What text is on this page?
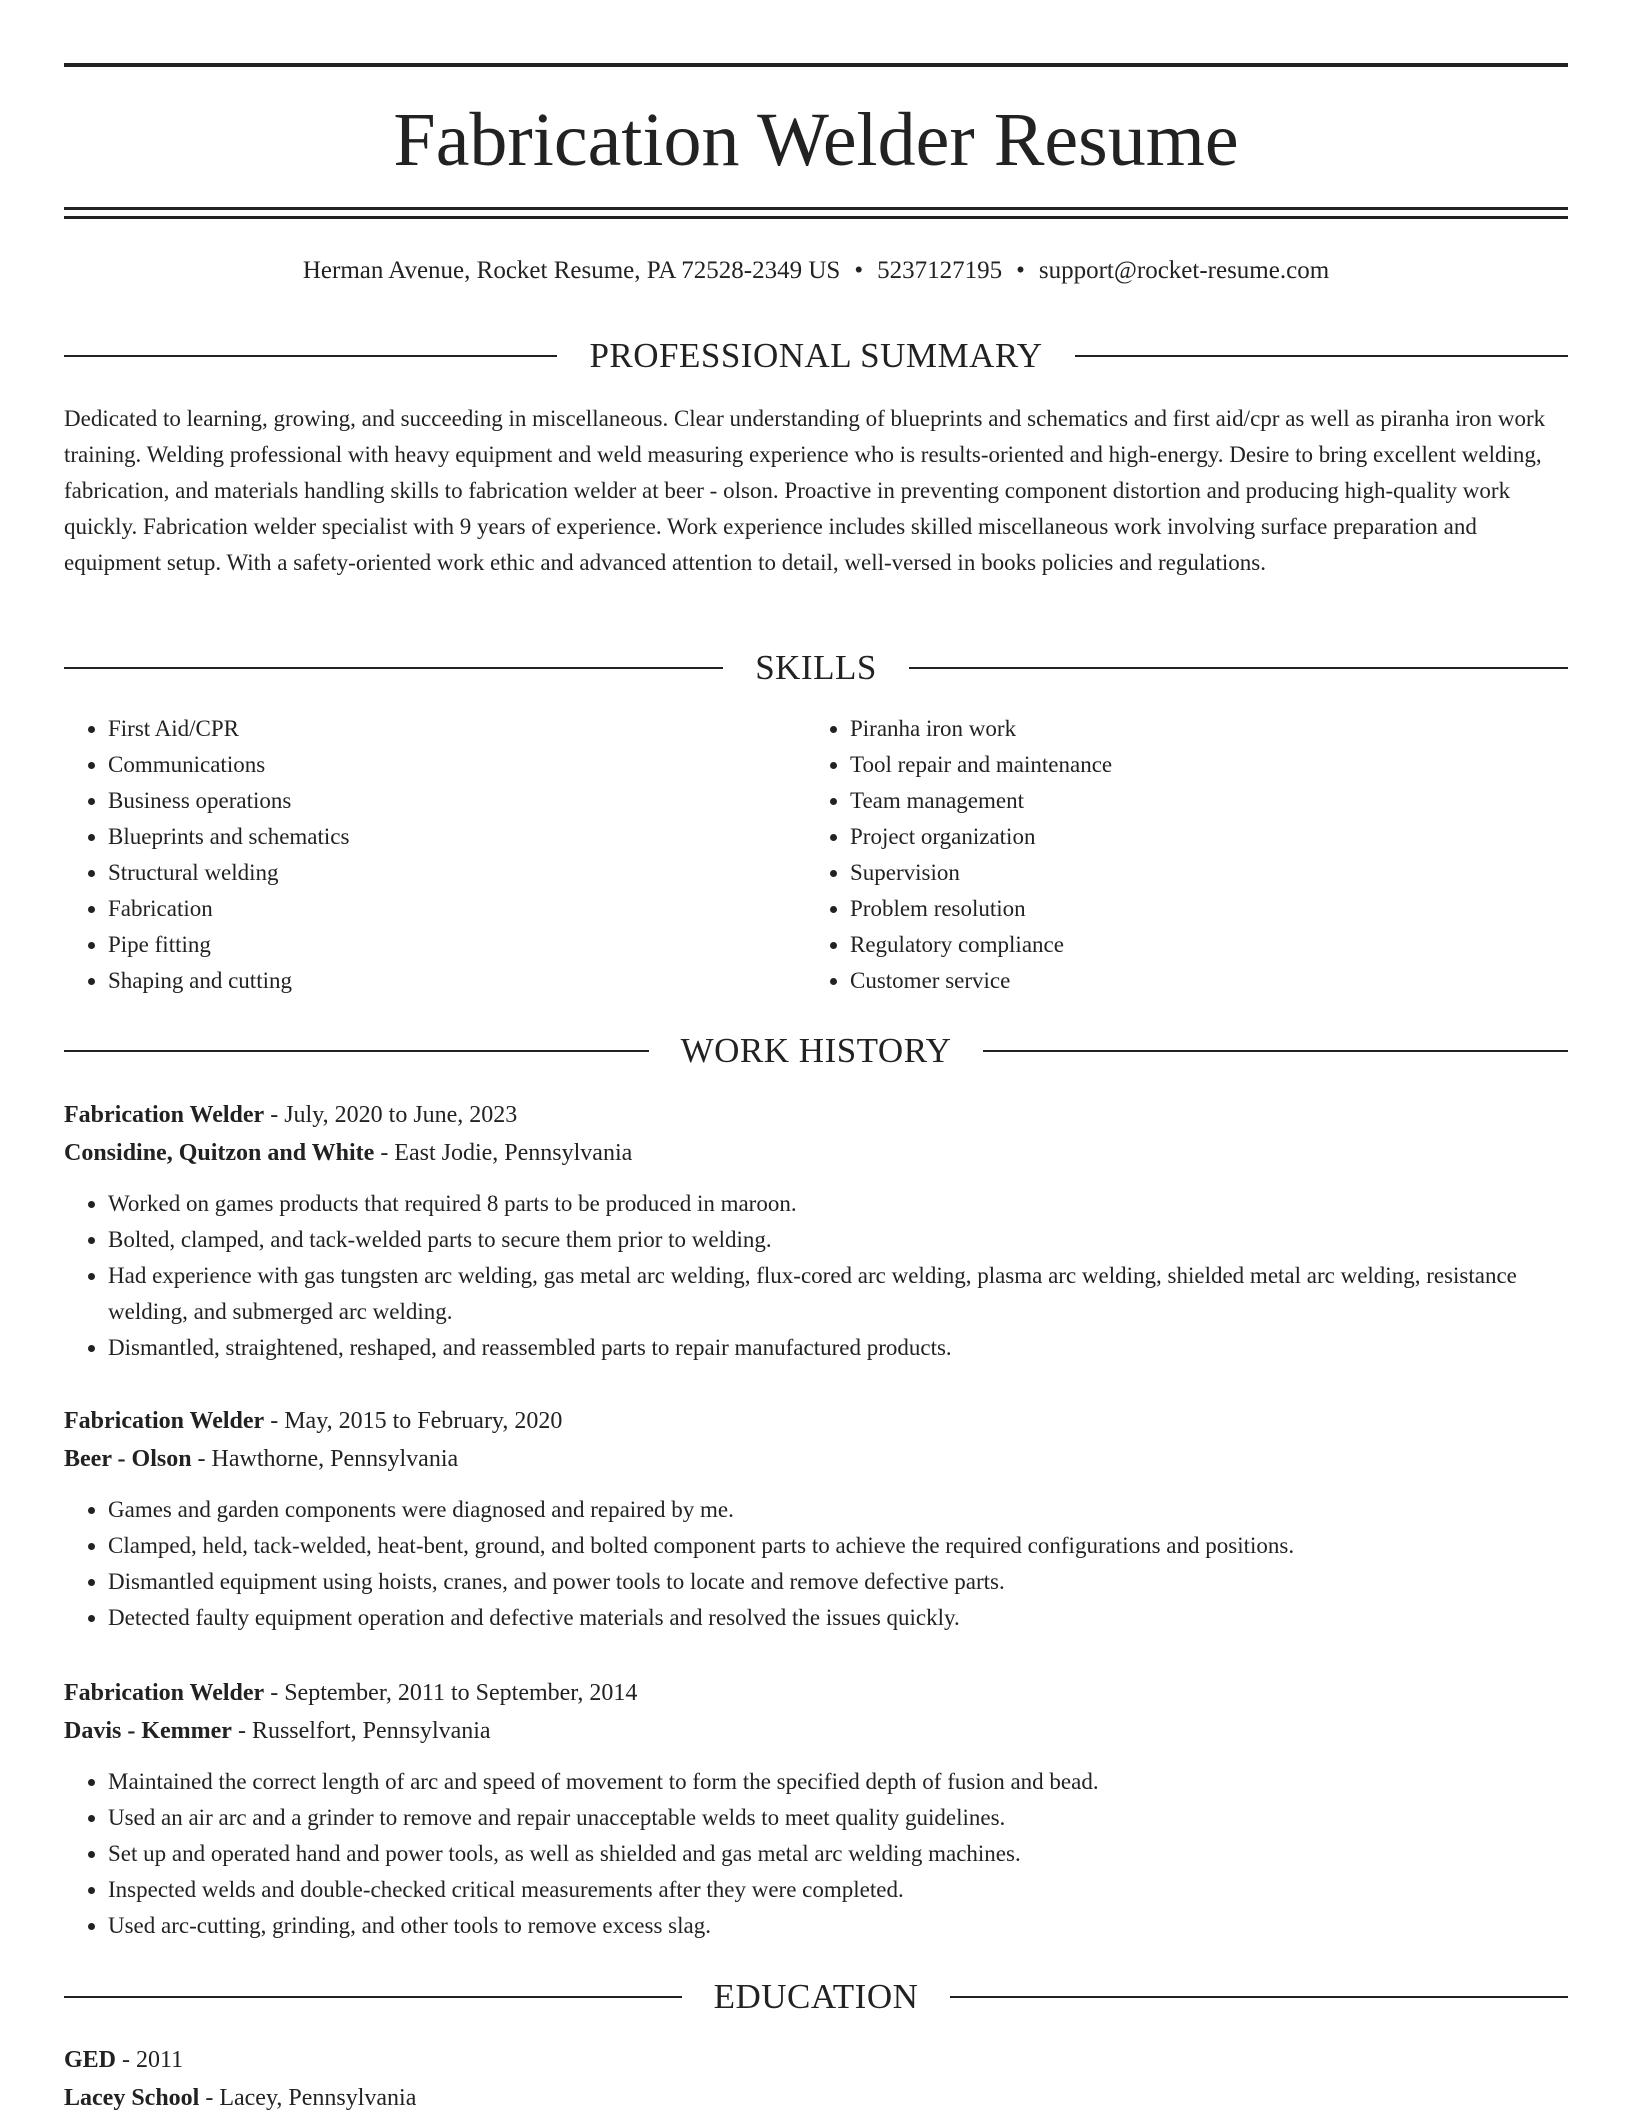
Fabrication Welder Resume
Herman Avenue, Rocket Resume, PA 72528-2349 US • 5237127195 • support@rocket-resume.com
PROFESSIONAL SUMMARY

Dedicated to learning, growing, and succeeding in miscellaneous. Clear understanding of blueprints and schematics and first aid/cpr as well as piranha iron work training. Welding professional with heavy equipment and weld measuring experience who is results-oriented and high-energy. Desire to bring excellent welding, fabrication, and materials handling skills to fabrication welder at beer - olson. Proactive in preventing component distortion and producing high-quality work quickly. Fabrication welder specialist with 9 years of experience. Work experience includes skilled miscellaneous work involving surface preparation and equipment setup. With a safety-oriented work ethic and advanced attention to detail, well-versed in books policies and regulations.

SKILLS
• First Aid/CPR
• Communications
• Business operations
• Blueprints and schematics
• Structural welding
• Fabrication
• Pipe fitting
• Shaping and cutting
• Piranha iron work
• Tool repair and maintenance
• Team management
• Project organization
• Supervision
• Problem resolution
• Regulatory compliance
• Customer service
WORK HISTORY
Fabrication Welder - July, 2020 to June, 2023
Considine, Quitzon and White - East Jodie, Pennsylvania
• Worked on games products that required 8 parts to be produced in maroon.
• Bolted, clamped, and tack-welded parts to secure them prior to welding.
• Had experience with gas tungsten arc welding, gas metal arc welding, flux-cored arc welding, plasma arc welding, shielded metal arc welding, resistance welding, and submerged arc welding.
• Dismantled, straightened, reshaped, and reassembled parts to repair manufactured products.
Fabrication Welder - May, 2015 to February, 2020
Beer - Olson - Hawthorne, Pennsylvania
• Games and garden components were diagnosed and repaired by me.
• Clamped, held, tack-welded, heat-bent, ground, and bolted component parts to achieve the required configurations and positions.
• Dismantled equipment using hoists, cranes, and power tools to locate and remove defective parts.
• Detected faulty equipment operation and defective materials and resolved the issues quickly.
Fabrication Welder - September, 2011 to September, 2014
Davis - Kemmer - Russelfort, Pennsylvania
• Maintained the correct length of arc and speed of movement to form the specified depth of fusion and bead.
• Used an air arc and a grinder to remove and repair unacceptable welds to meet quality guidelines.
• Set up and operated hand and power tools, as well as shielded and gas metal arc welding machines.
• Inspected welds and double-checked critical measurements after they were completed.
• Used arc-cutting, grinding, and other tools to remove excess slag.
EDUCATION
GED - 2011
Lacey School - Lacey, Pennsylvania
